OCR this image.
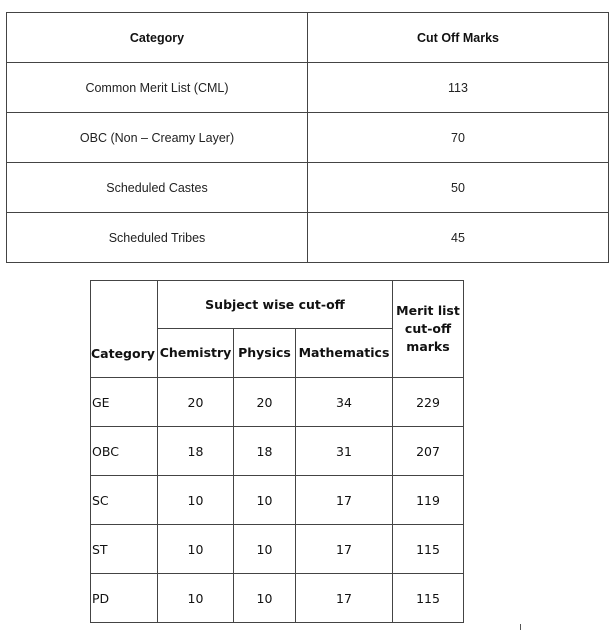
Category	Cut Off Marks
Common Merit List (CML)	113
OBC (Non – Creamy Layer)	70
Scheduled Castes	50
Scheduled Tribes	45
Category	Subject wise cut-off			Merit list cut-off marks
	Chemistry	Physics	Mathematics	
GE	20	20	34	229
OBC	18	18	31	207
SC	10	10	17	119
ST	10	10	17	115
PD	10	10	17	115
